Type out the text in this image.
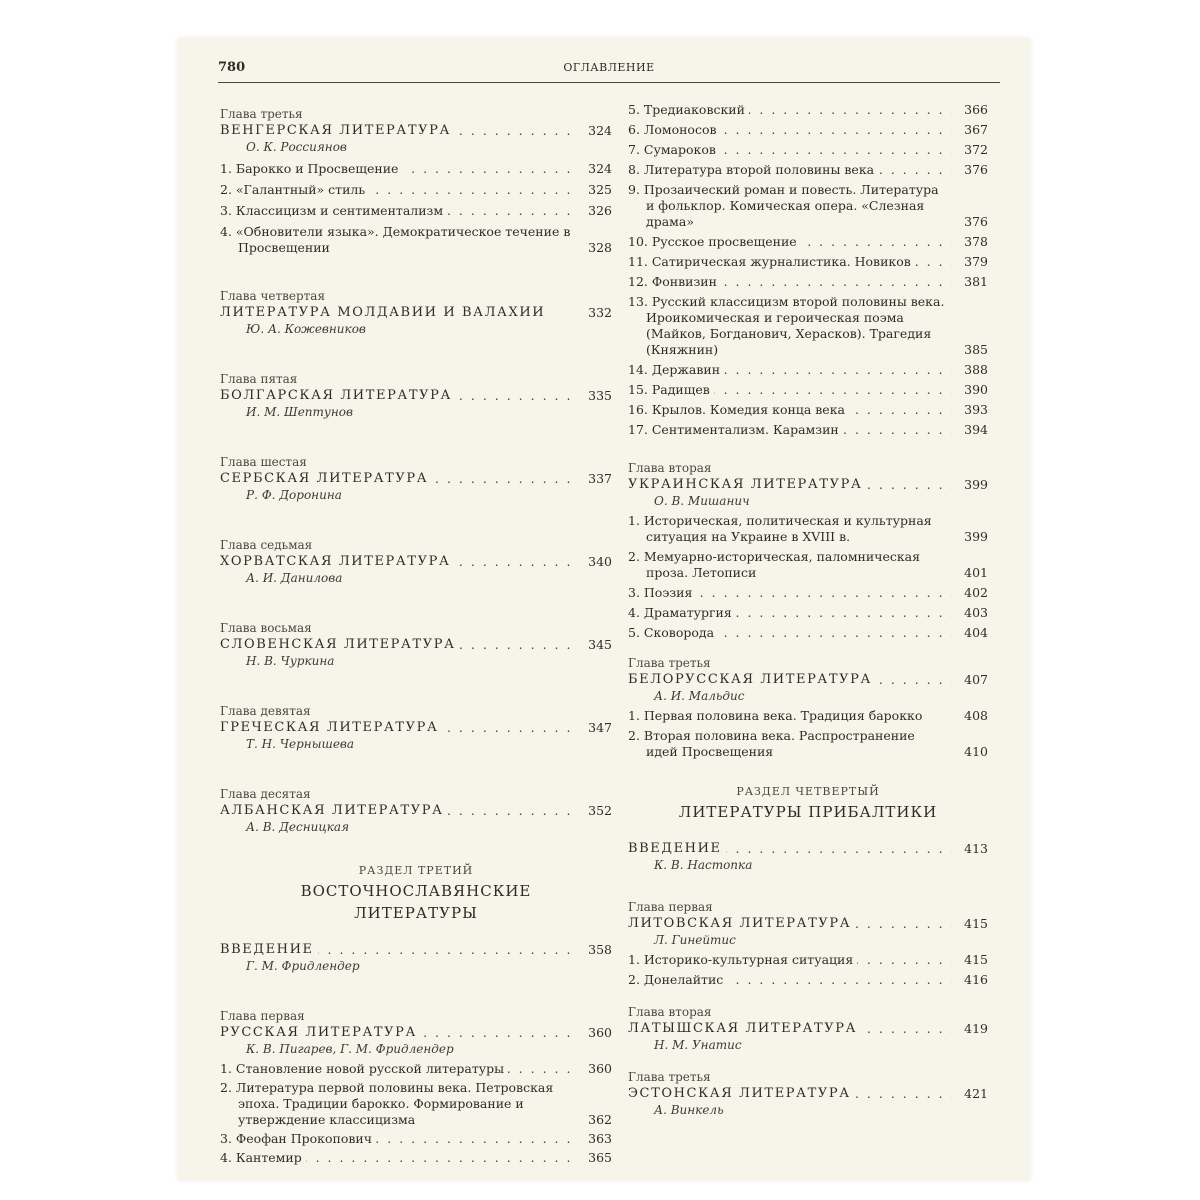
780	ОГЛАВЛЕНИЕ
Глава третья
ВЕНГЕРСКАЯ ЛИТЕРАТУРА . . .	324
О. К. Россиянов
1. Барокко и Просвещение . . .	324
2. «Галантный» стиль . . .	325
3. Классицизм и сентиментализм . . .	326
4. «Обновители языка». Демократическое течение в Просвещении	328
Глава четвертая
ЛИТЕРАТУРА МОЛДАВИИ И ВАЛАХИИ	332
Ю. А. Кожевников
Глава пятая
БОЛГАРСКАЯ ЛИТЕРАТУРА . . .	335
И. М. Шептунов
Глава шестая
СЕРБСКАЯ ЛИТЕРАТУРА . . .	337
Р. Ф. Доронина
Глава седьмая
ХОРВАТСКАЯ ЛИТЕРАТУРА . . .	340
А. И. Данилова
Глава восьмая
СЛОВЕНСКАЯ ЛИТЕРАТУРА . . .	345
Н. В. Чуркина
Глава девятая
ГРЕЧЕСКАЯ ЛИТЕРАТУРА . . .	347
Т. Н. Чернышева
Глава десятая
АЛБАНСКАЯ ЛИТЕРАТУРА . . .	352
А. В. Десницкая
РАЗДЕЛ ТРЕТИЙ
ВОСТОЧНОСЛАВЯНСКИЕ
ЛИТЕРАТУРЫ
ВВЕДЕНИЕ . . .	358
Г. М. Фридлендер
Глава первая
РУССКАЯ ЛИТЕРАТУРА . . .	360
К. В. Пигарев, Г. М. Фридлендер
1. Становление новой русской литературы . . .	360
2. Литература первой половины века. Петровская эпоха. Традиции барокко. Формирование и утверждение классицизма	362
3. Феофан Прокопович . . .	363
4. Кантемир . . .	365
5. Тредиаковский . . .	366
6. Ломоносов . . .	367
7. Сумароков . . .	372
8. Литература второй половины века . . .	376
9. Прозаический роман и повесть. Литература и фольклор. Комическая опера. «Слезная драма»	376
10. Русское просвещение . . .	378
11. Сатирическая журналистика. Новиков . . .	379
12. Фонвизин . . .	381
13. Русский классицизм второй половины века. Ироикомическая и героическая поэма (Майков, Богданович, Херасков). Трагедия (Княжнин)	385
14. Державин . . .	388
15. Радищев . . .	390
16. Крылов. Комедия конца века . . .	393
17. Сентиментализм. Карамзин . . .	394
Глава вторая
УКРАИНСКАЯ ЛИТЕРАТУРА . . .	399
О. В. Мишанич
1. Историческая, политическая и культурная ситуация на Украине в XVIII в.	399
2. Мемуарно-историческая, паломническая проза. Летописи	401
3. Поэзия . . .	402
4. Драматургия . . .	403
5. Сковорода . . .	404
Глава третья
БЕЛОРУССКАЯ ЛИТЕРАТУРА . . .	407
А. И. Мальдис
1. Первая половина века. Традиция барокко	408
2. Вторая половина века. Распространение идей Просвещения	410
РАЗДЕЛ ЧЕТВЕРТЫЙ
ЛИТЕРАТУРЫ ПРИБАЛТИКИ
ВВЕДЕНИЕ . . .	413
К. В. Настопка
Глава первая
ЛИТОВСКАЯ ЛИТЕРАТУРА . . .	415
Л. Гинейтис
1. Историко-культурная ситуация . . .	415
2. Донелайтис . . .	416
Глава вторая
ЛАТЫШСКАЯ ЛИТЕРАТУРА . . .	419
Н. М. Унатис
Глава третья
ЭСТОНСКАЯ ЛИТЕРАТУРА . . .	421
А. Винкель
